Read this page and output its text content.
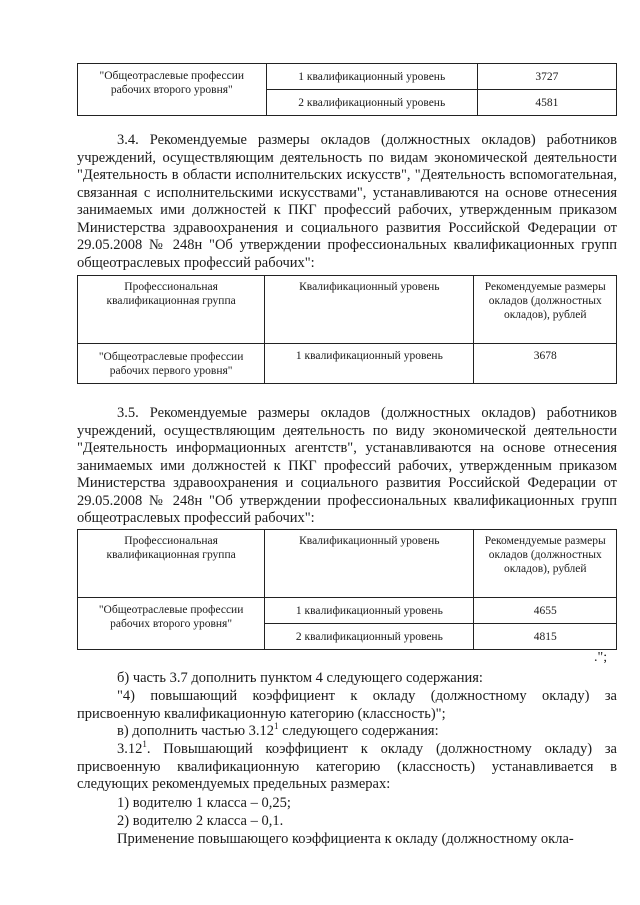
"Общеотраслевые профессии рабочих второго уровня"	1 квалификационный уровень	3727
	2 квалификационный уровень	4581

3.4. Рекомендуемые размеры окладов (должностных окладов) работников учреждений, осуществляющим деятельность по видам экономической деятельности "Деятельность в области исполнительских искусств", "Деятельность вспомогательная, связанная с исполнительскими искусствами", устанавливаются на основе отнесения занимаемых ими должностей к ПКГ профессий рабочих, утвержденным приказом Министерства здравоохранения и социального развития Российской Федерации от 29.05.2008 № 248н "Об утверждении профессиональных квалификационных групп общеотраслевых профессий рабочих":

Профессиональная квалификационная группа	Квалификационный уровень	Рекомендуемые размеры окладов (должностных окладов), рублей
"Общеотраслевые профессии рабочих первого уровня"	1 квалификационный уровень	3678

3.5. Рекомендуемые размеры окладов (должностных окладов) работников учреждений, осуществляющим деятельность по виду экономической деятельности "Деятельность информационных агентств", устанавливаются на основе отнесения занимаемых ими должностей к ПКГ профессий рабочих, утвержденным приказом Министерства здравоохранения и социального развития Российской Федерации от 29.05.2008 № 248н "Об утверждении профессиональных квалификационных групп общеотраслевых профессий рабочих":

Профессиональная квалификационная группа	Квалификационный уровень	Рекомендуемые размеры окладов (должностных окладов), рублей
"Общеотраслевые профессии рабочих второго уровня"	1 квалификационный уровень	4655
	2 квалификационный уровень	4815
.";

б) часть 3.7 дополнить пунктом 4 следующего содержания:

"4) повышающий коэффициент к окладу (должностному окладу) за присвоенную квалификационную категорию (классность)";

в) дополнить частью 3.12$^1$ следующего содержания:

3.12$^1$. Повышающий коэффициент к окладу (должностному окладу) за присвоенную квалификационную категорию (классность) устанавливается в следующих рекомендуемых предельных размерах:

1) водителю 1 класса – 0,25;

2) водителю 2 класса – 0,1.

Применение повышающего коэффициента к окладу (должностному окла-
